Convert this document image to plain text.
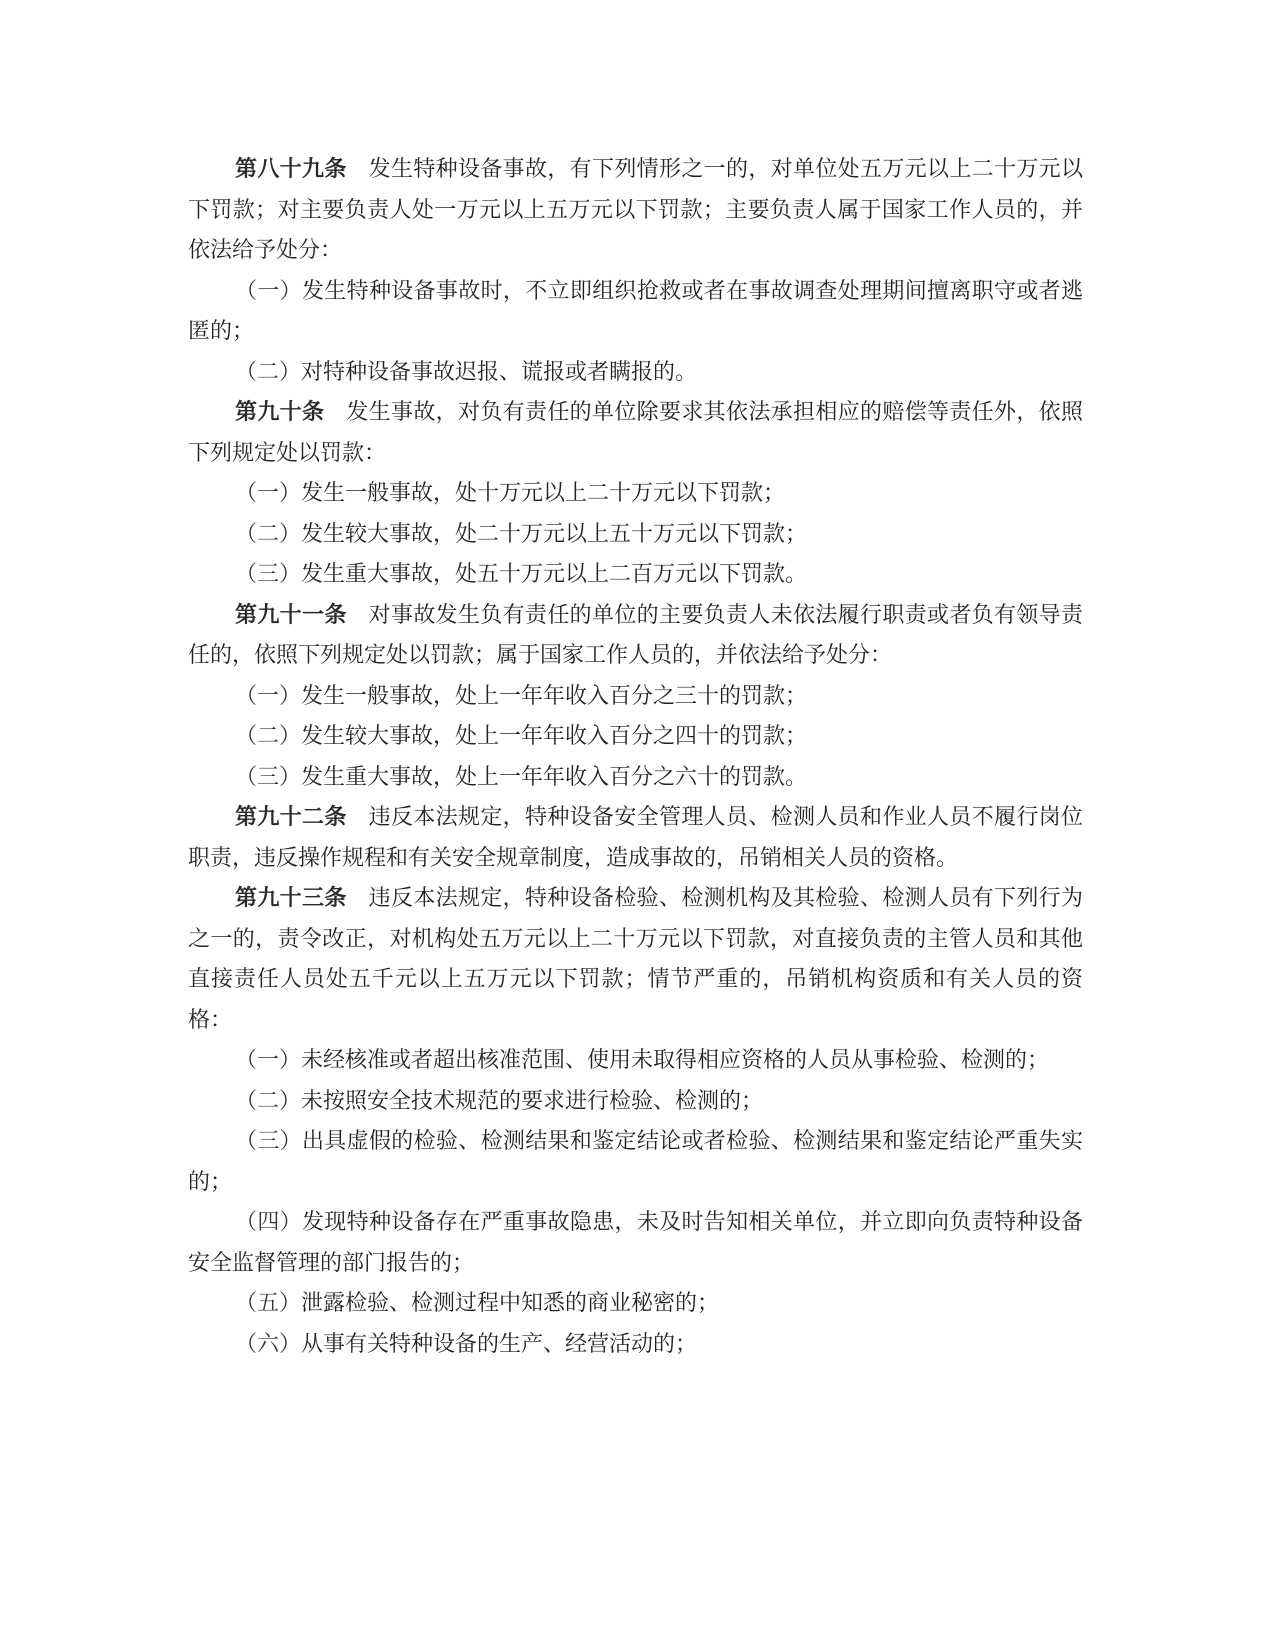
第八十九条 发生特种设备事故，有下列情形之一的，对单位处五万元以上二十万元以下罚款；对主要负责人处一万元以上五万元以下罚款；主要负责人属于国家工作人员的，并依法给予处分：

（一）发生特种设备事故时，不立即组织抢救或者在事故调查处理期间擅离职守或者逃匿的；

（二）对特种设备事故迟报、谎报或者瞒报的。

第九十条 发生事故，对负有责任的单位除要求其依法承担相应的赔偿等责任外，依照下列规定处以罚款：

（一）发生一般事故，处十万元以上二十万元以下罚款；

（二）发生较大事故，处二十万元以上五十万元以下罚款；

（三）发生重大事故，处五十万元以上二百万元以下罚款。

第九十一条 对事故发生负有责任的单位的主要负责人未依法履行职责或者负有领导责任的，依照下列规定处以罚款；属于国家工作人员的，并依法给予处分：

（一）发生一般事故，处上一年年收入百分之三十的罚款；

（二）发生较大事故，处上一年年收入百分之四十的罚款；

（三）发生重大事故，处上一年年收入百分之六十的罚款。

第九十二条 违反本法规定，特种设备安全管理人员、检测人员和作业人员不履行岗位职责，违反操作规程和有关安全规章制度，造成事故的，吊销相关人员的资格。

第九十三条 违反本法规定，特种设备检验、检测机构及其检验、检测人员有下列行为之一的，责令改正，对机构处五万元以上二十万元以下罚款，对直接负责的主管人员和其他直接责任人员处五千元以上五万元以下罚款；情节严重的，吊销机构资质和有关人员的资格：

（一）未经核准或者超出核准范围、使用未取得相应资格的人员从事检验、检测的；

（二）未按照安全技术规范的要求进行检验、检测的；

（三）出具虚假的检验、检测结果和鉴定结论或者检验、检测结果和鉴定结论严重失实的；

（四）发现特种设备存在严重事故隐患，未及时告知相关单位，并立即向负责特种设备安全监督管理的部门报告的；

（五）泄露检验、检测过程中知悉的商业秘密的；

（六）从事有关特种设备的生产、经营活动的；
